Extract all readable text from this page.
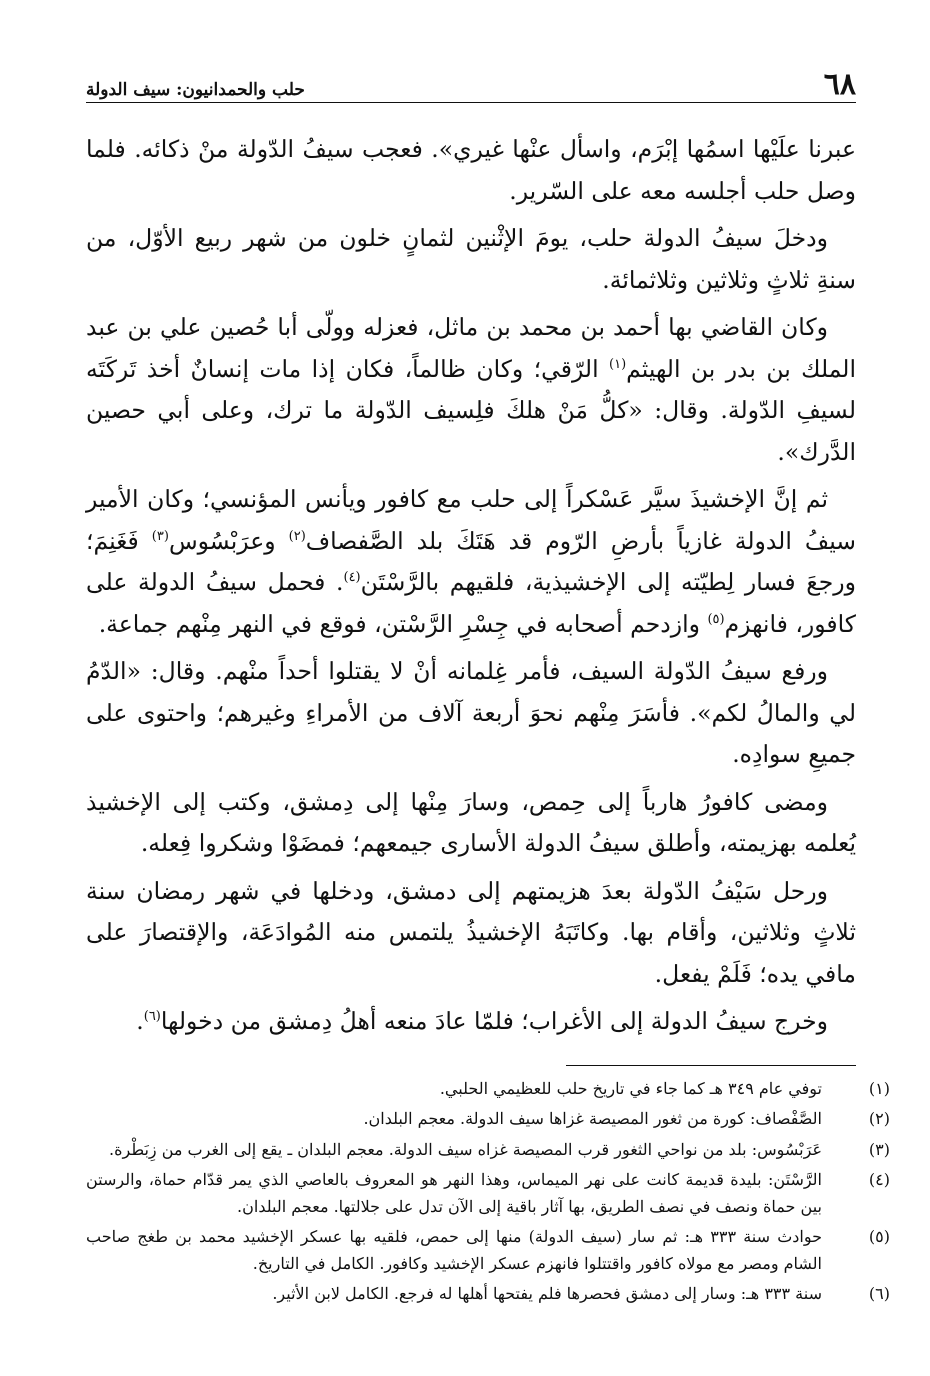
٦٨
حلب والحمدانيون: سيف الدولة

عبرنا علَيْها اسمُها إبْرَم، واسأل عنْها غيري». فعجب سيفُ الدّولة منْ ذكائه. فلما وصل حلب أجلسه معه على السّرير.

ودخلَ سيفُ الدولة حلب، يومَ الإثْنين لثمانٍ خلون من شهر ربيع الأوّل، من سنةِ ثلاثٍ وثلاثين وثلاثمائة.

وكان القاضي بها أحمد بن محمد بن ماثل، فعزله وولّى أبا حُصين علي بن عبد الملك بن بدر بن الهيثم$^{(١)}$ الرّقي؛ وكان ظالماً، فكان إذا مات إنسانٌ أخذ تَركَتَه لسيفِ الدّولة. وقال: «كلُّ مَنْ هلكَ فلِسيف الدّولة ما ترك، وعلى أبي حصين الدَّرك».

ثم إنَّ الإخشيذَ سيَّر عَسْكراً إلى حلب مع كافور ويأنس المؤنسي؛ وكان الأمير سيفُ الدولة غازياً بأرضِ الرّوم قد هَتَكَ بلد الصَّفصاف$^{(٢)}$ وعرَبْسُوس$^{(٣)}$ فَغَنِمَ؛ ورجعَ فسار لِطيّته إلى الإخشيذية، فلقيهم بالرَّسْتَن$^{(٤)}$. فحمل سيفُ الدولة على كافور، فانهزم$^{(٥)}$ وازدحم أصحابه في جِسْرِ الرَّسْتن، فوقع في النهر مِنْهم جماعة.

ورفع سيفُ الدّولة السيف، فأمر غِلمانه أنْ لا يقتلوا أحداً منْهم. وقال: «الدّمُ لي والمالُ لكم». فأسَرَ مِنْهم نحوَ أربعة آلاف من الأمراءِ وغيرهم؛ واحتوى على جميعِ سوادِه.

ومضى كافورُ هارباً إلى حِمص، وسارَ مِنْها إلى دِمشق، وكتب إلى الإخشيذ يُعلمه بهزيمته، وأطلق سيفُ الدولة الأسارى جيمعهم؛ فمضَوْا وشكروا فِعله.

ورحل سَيْفُ الدّولة بعدَ هزيمتهم إلى دمشق، ودخلها في شهر رمضان سنة ثلاثٍ وثلاثين، وأقام بها. وكاتَبَهُ الإخشيذُ يلتمس منه المُوادَعَة، والإقتصارَ على مافي يده؛ فَلَمْ يفعل.

وخرج سيفُ الدولة إلى الأغراب؛ فلمّا عادَ منعه أهلُ دِمشق من دخولها$^{(٦)}$.

(١)توفي عام ٣٤٩ هـ كما جاء في تاريخ حلب للعظيمي الحلبي.

(٢)الصَّفْصاف: كورة من ثغور المصيصة غزاها سيف الدولة. معجم البلدان.

(٣)عَرَبْسُوس: بلد من نواحي الثغور قرب المصيصة غزاه سيف الدولة. معجم البلدان ـ يقع إلى الغرب من زِبَطْرة.

(٤)الرَّسْتَن: بليدة قديمة كانت على نهر الميماس، وهذا النهر هو المعروف بالعاصي الذي يمر قدّام حماة، والرستن بين حماة ونصف في نصف الطريق، بها آثار باقية إلى الآن تدل على جلالتها. معجم البلدان.

(٥)حوادث سنة ٣٣٣ هـ: ثم سار (سيف الدولة) منها إلى حمص، فلقيه بها عسكر الإخشيد محمد بن طغج صاحب الشام ومصر مع مولاه كافور واقتتلوا فانهزم عسكر الإخشيد وكافور. الكامل في التاريخ.

(٦)سنة ٣٣٣ هـ: وسار إلى دمشق فحصرها فلم يفتحها أهلها له فرجع. الكامل لابن الأثير.
